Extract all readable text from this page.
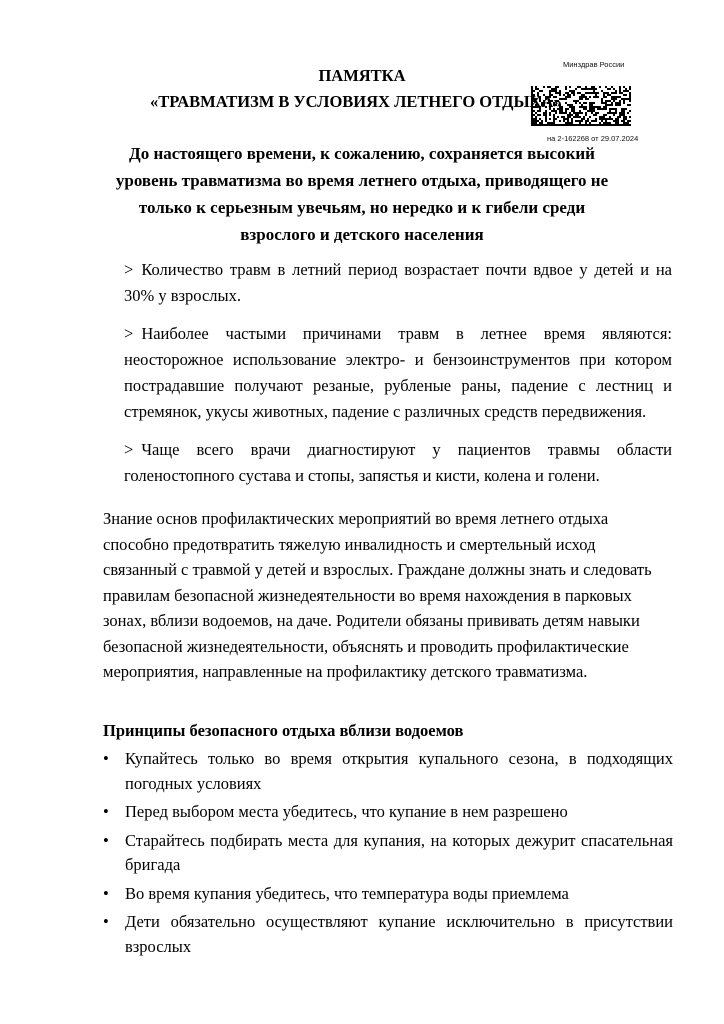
Минздрав России
на 2-162268 от 29.07.2024
ПАМЯТКА
«ТРАВМАТИЗМ В УСЛОВИЯХ ЛЕТНЕГО ОТДЫХА»
До настоящего времени, к сожалению, сохраняется высокий уровень травматизма во время летнего отдыха, приводящего не только к серьезным увечьям, но нередко и к гибели среди взрослого и детского населения
> Количество травм в летний период возрастает почти вдвое у детей и на 30% у взрослых.
> Наиболее частыми причинами травм в летнее время являются: неосторожное использование электро- и бензоинструментов при котором пострадавшие получают резаные, рубленые раны, падение с лестниц и стремянок, укусы животных, падение с различных средств передвижения.
> Чаще всего врачи диагностируют у пациентов травмы области голеностопного сустава и стопы, запястья и кисти, колена и голени.
Знание основ профилактических мероприятий во время летнего отдыха способно предотвратить тяжелую инвалидность и смертельный исход связанный с травмой у детей и взрослых. Граждане должны знать и следовать правилам безопасной жизнедеятельности во время нахождения в парковых зонах, вблизи водоемов, на даче. Родители обязаны прививать детям навыки безопасной жизнедеятельности, объяснять и проводить профилактические мероприятия, направленные на профилактику детского травматизма.
Принципы безопасного отдыха вблизи водоемов
• Купайтесь только во время открытия купального сезона, в подходящих погодных условиях
• Перед выбором места убедитесь, что купание в нем разрешено
• Старайтесь подбирать места для купания, на которых дежурит спасательная бригада
• Во время купания убедитесь, что температура воды приемлема
• Дети обязательно осуществляют купание исключительно в присутствии взрослых
